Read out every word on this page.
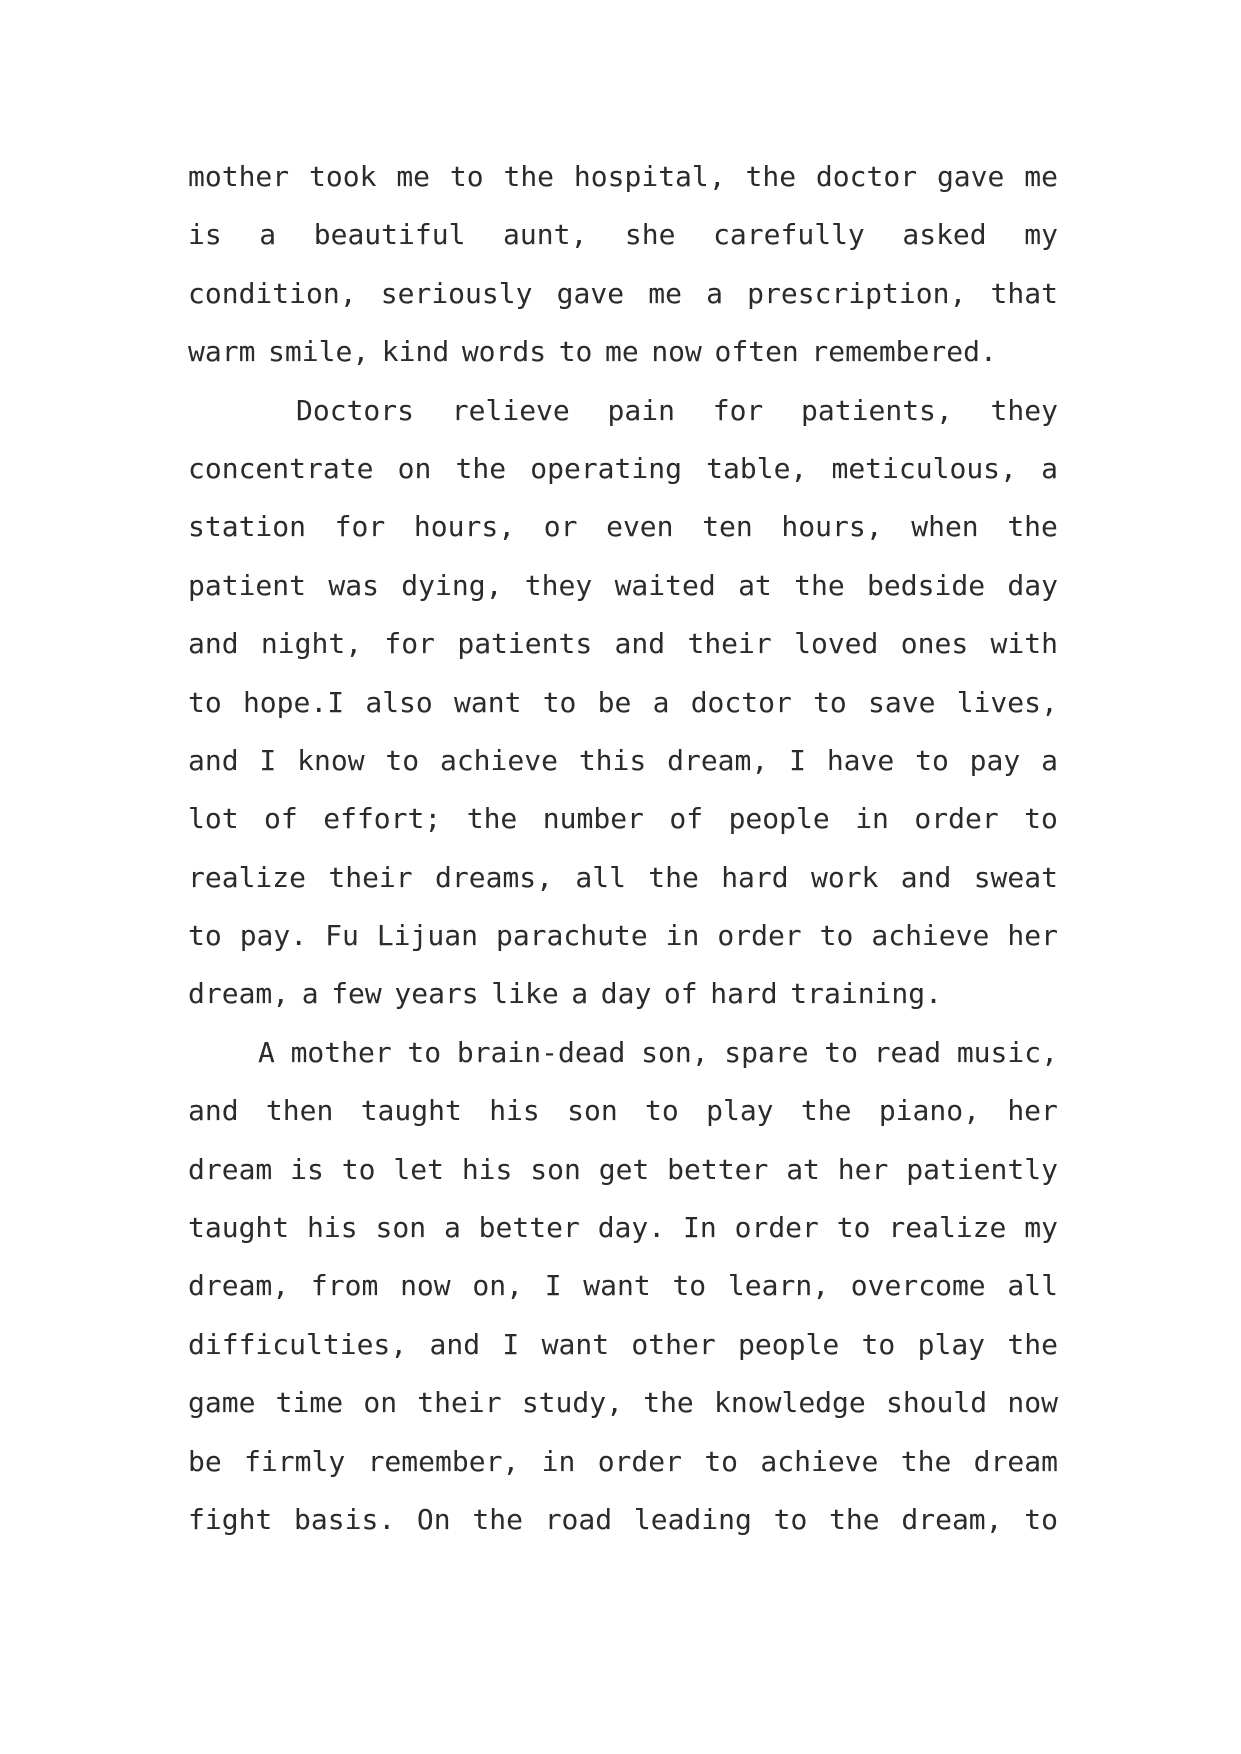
mother took me to the hospital, the doctor gave me
is a beautiful aunt, she carefully asked my
condition, seriously gave me a prescription, that
warm smile, kind words to me now often remembered.
Doctors relieve pain for patients, they
concentrate on the operating table, meticulous, a
station for hours, or even ten hours, when the
patient was dying, they waited at the bedside day
and night, for patients and their loved ones with
to hope.I also want to be a doctor to save lives,
and I know to achieve this dream, I have to pay a
lot of effort; the number of people in order to
realize their dreams, all the hard work and sweat
to pay. Fu Lijuan parachute in order to achieve her
dream, a few years like a day of hard training.
A mother to brain-dead son, spare to read music,
and then taught his son to play the piano, her
dream is to let his son get better at her patiently
taught his son a better day. In order to realize my
dream, from now on, I want to learn, overcome all
difficulties, and I want other people to play the
game time on their study, the knowledge should now
be firmly remember, in order to achieve the dream
fight basis. On the road leading to the dream, to
